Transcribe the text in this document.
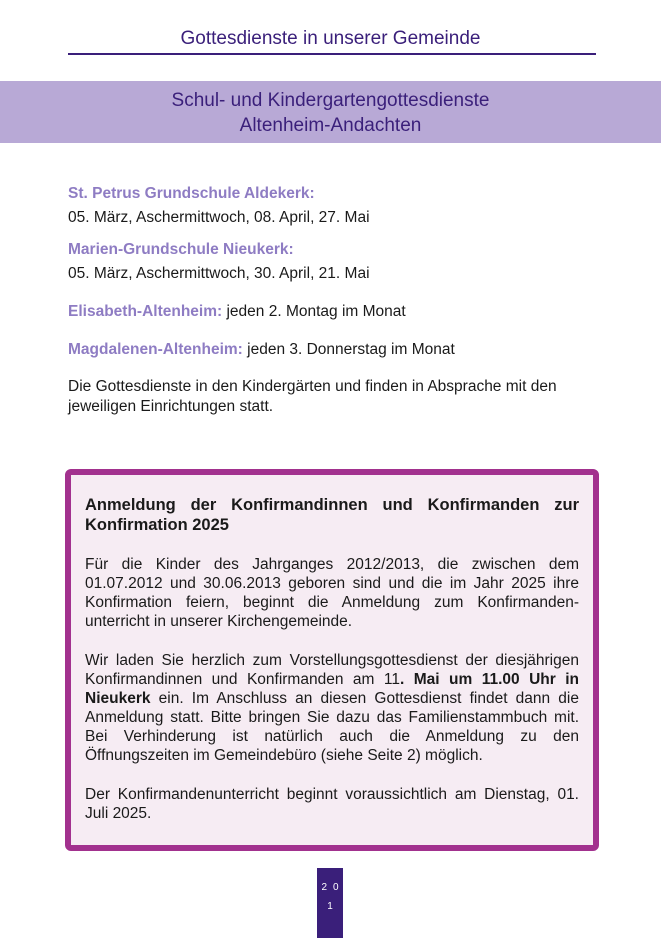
Gottesdienste in unserer Gemeinde
Schul- und Kindergartengottesdienste
Altenheim-Andachten
St. Petrus Grundschule Aldekerk:
05. März, Aschermittwoch, 08. April, 27. Mai
Marien-Grundschule Nieukerk:
05. März, Aschermittwoch, 30. April, 21. Mai
Elisabeth-Altenheim: jeden 2. Montag im Monat
Magdalenen-Altenheim: jeden 3. Donnerstag im Monat
Die Gottesdienste in den Kindergärten und finden in Absprache mit den jeweiligen Einrichtungen statt.

Anmeldung der Konfirmandinnen und Konfirmanden zur Konfirmation 2025

Für die Kinder des Jahrganges 2012/2013, die zwischen dem 01.07.2012 und 30.06.2013 geboren sind und die im Jahr 2025 ihre Konfirmation feiern, beginnt die Anmeldung zum Konfirmanden-unterricht in unserer Kirchengemeinde.

Wir laden Sie herzlich zum Vorstellungsgottesdienst der diesjährigen Konfirmandinnen und Konfirmanden am 11. Mai um 11.00 Uhr in Nieukerk ein. Im Anschluss an diesen Gottesdienst findet dann die Anmeldung statt. Bitte bringen Sie dazu das Familienstammbuch mit. Bei Verhinderung ist natürlich auch die Anmeldung zu den Öffnungszeiten im Gemeindebüro (siehe Seite 2) möglich.

Der Konfirmandenunterricht beginnt voraussichtlich am Dienstag, 01. Juli 2025.

2 0
1
